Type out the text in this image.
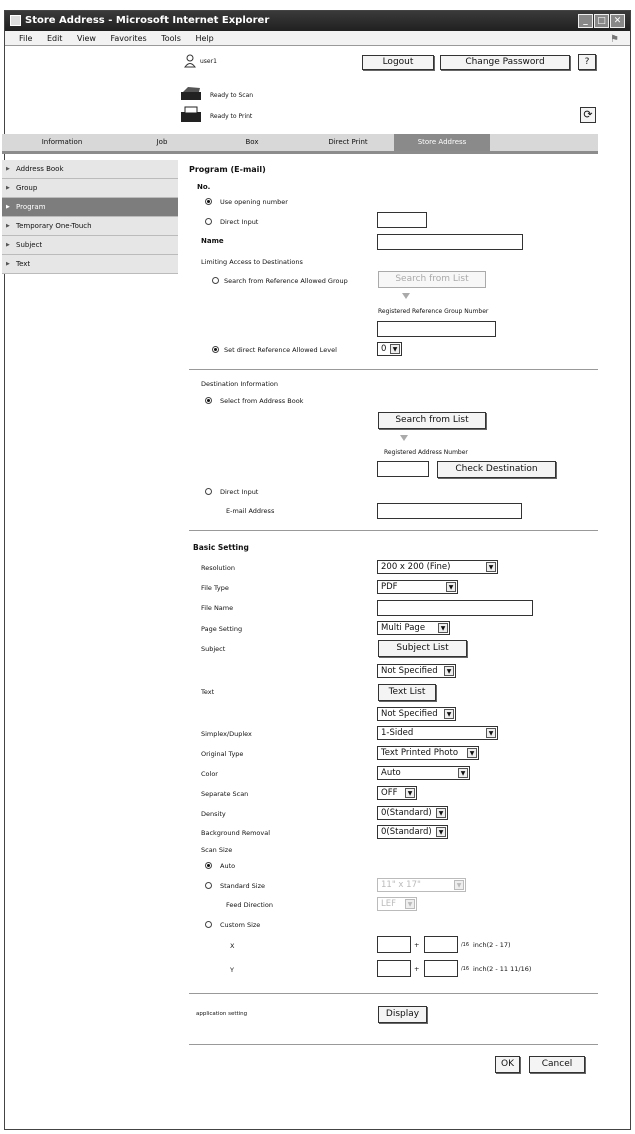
Store Address - Microsoft Internet Explorer	_	□ ✕
File Edit View Favorites Tools Help	⚑
user1	Logout	Change Password	?
Ready to Scan
Ready to Print	⟳
Information	Job	Box	Direct Print	Store Address
▶ Address Book
▶ Group
▶ Program
▶ Temporary One-Touch
▶ Subject
▶ Text
Program (E-mail)
No.
Use opening number
Direct Input
Name
Limiting Access to Destinations
Search from Reference Allowed Group	Search from List
Registered Reference Group Number
Set direct Reference Allowed Level	0	▼
Destination Information
Select from Address Book
Search from List
Registered Address Number
Check Destination
Direct Input
E-mail Address
Basic Setting
Resolution	200 x 200 (Fine)	▼
File Type	PDF	▼
File Name
Page Setting	Multi Page	▼
Subject	Subject List
Not Specified	▼
Text	Text List
Not Specified	▼
Simplex/Duplex	1-Sided	▼
Original Type	Text Printed Photo	▼
Color	Auto	▼
Separate Scan	OFF	▼
Density	0(Standard)	▼
Background Removal	0(Standard)	▼
Scan Size
Auto
Standard Size	11" x 17"	▼
Feed Direction	LEF	▼
Custom Size
X	+	/16 inch(2 - 17)
Y	+	/16 inch(2 - 11 11/16)
application setting	Display
OK	Cancel
